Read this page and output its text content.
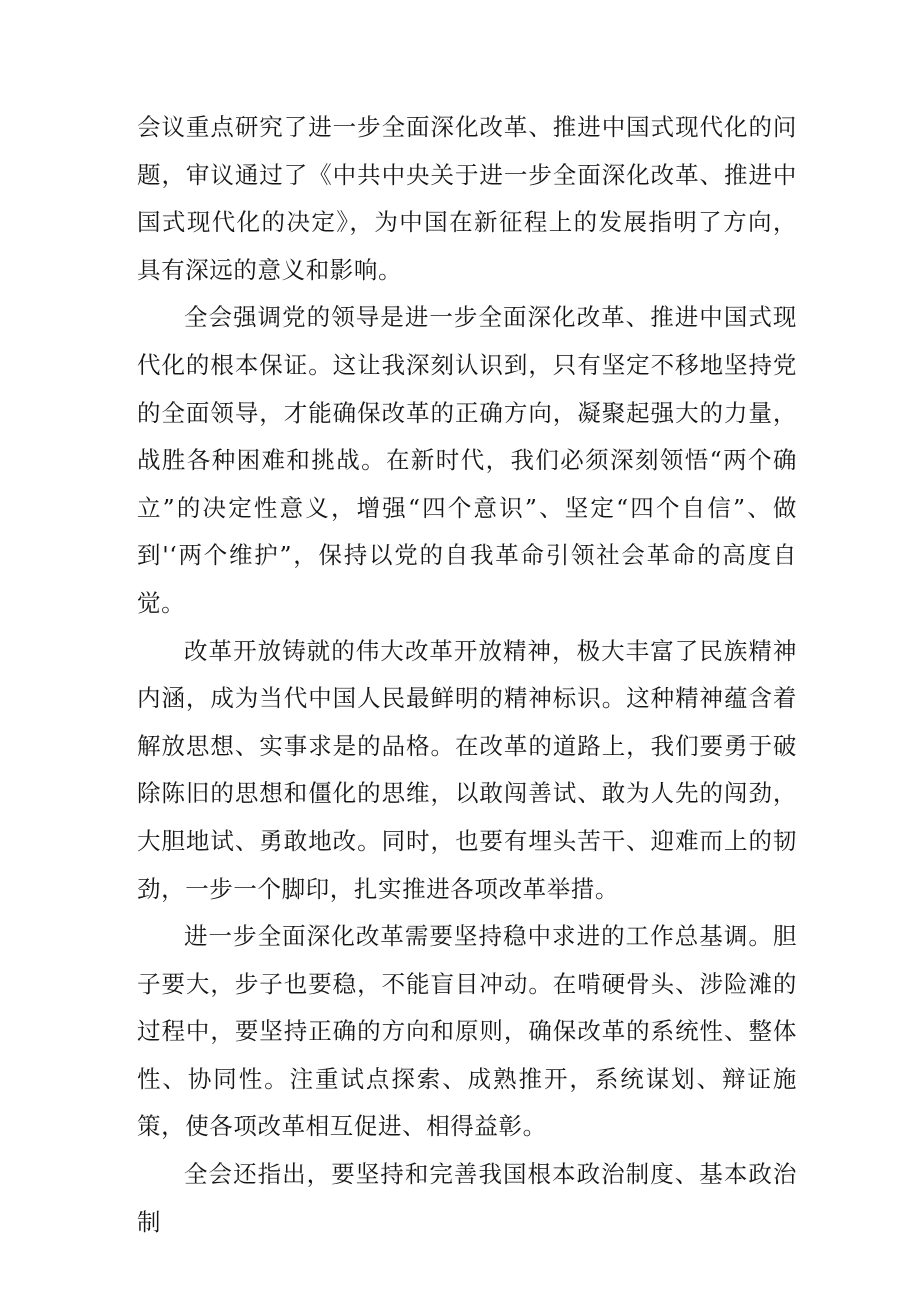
会议重点研究了进一步全面深化改革、推进中国式现代化的问题，审议通过了《中共中央关于进一步全面深化改革、推进中国式现代化的决定》，为中国在新征程上的发展指明了方向，具有深远的意义和影响。

全会强调党的领导是进一步全面深化改革、推进中国式现代化的根本保证。这让我深刻认识到，只有坚定不移地坚持党的全面领导，才能确保改革的正确方向，凝聚起强大的力量，战胜各种困难和挑战。在新时代，我们必须深刻领悟“两个确立”的决定性意义，增强“四个意识”、坚定“四个自信”、做到'‘两个维护”，保持以党的自我革命引领社会革命的高度自觉。

改革开放铸就的伟大改革开放精神，极大丰富了民族精神内涵，成为当代中国人民最鲜明的精神标识。这种精神蕴含着解放思想、实事求是的品格。在改革的道路上，我们要勇于破除陈旧的思想和僵化的思维，以敢闯善试、敢为人先的闯劲，大胆地试、勇敢地改。同时，也要有埋头苦干、迎难而上的韧劲，一步一个脚印，扎实推进各项改革举措。

进一步全面深化改革需要坚持稳中求进的工作总基调。胆子要大，步子也要稳，不能盲目冲动。在啃硬骨头、涉险滩的过程中，要坚持正确的方向和原则，确保改革的系统性、整体性、协同性。注重试点探索、成熟推开，系统谋划、辩证施策，使各项改革相互促进、相得益彰。

全会还指出，要坚持和完善我国根本政治制度、基本政治制
